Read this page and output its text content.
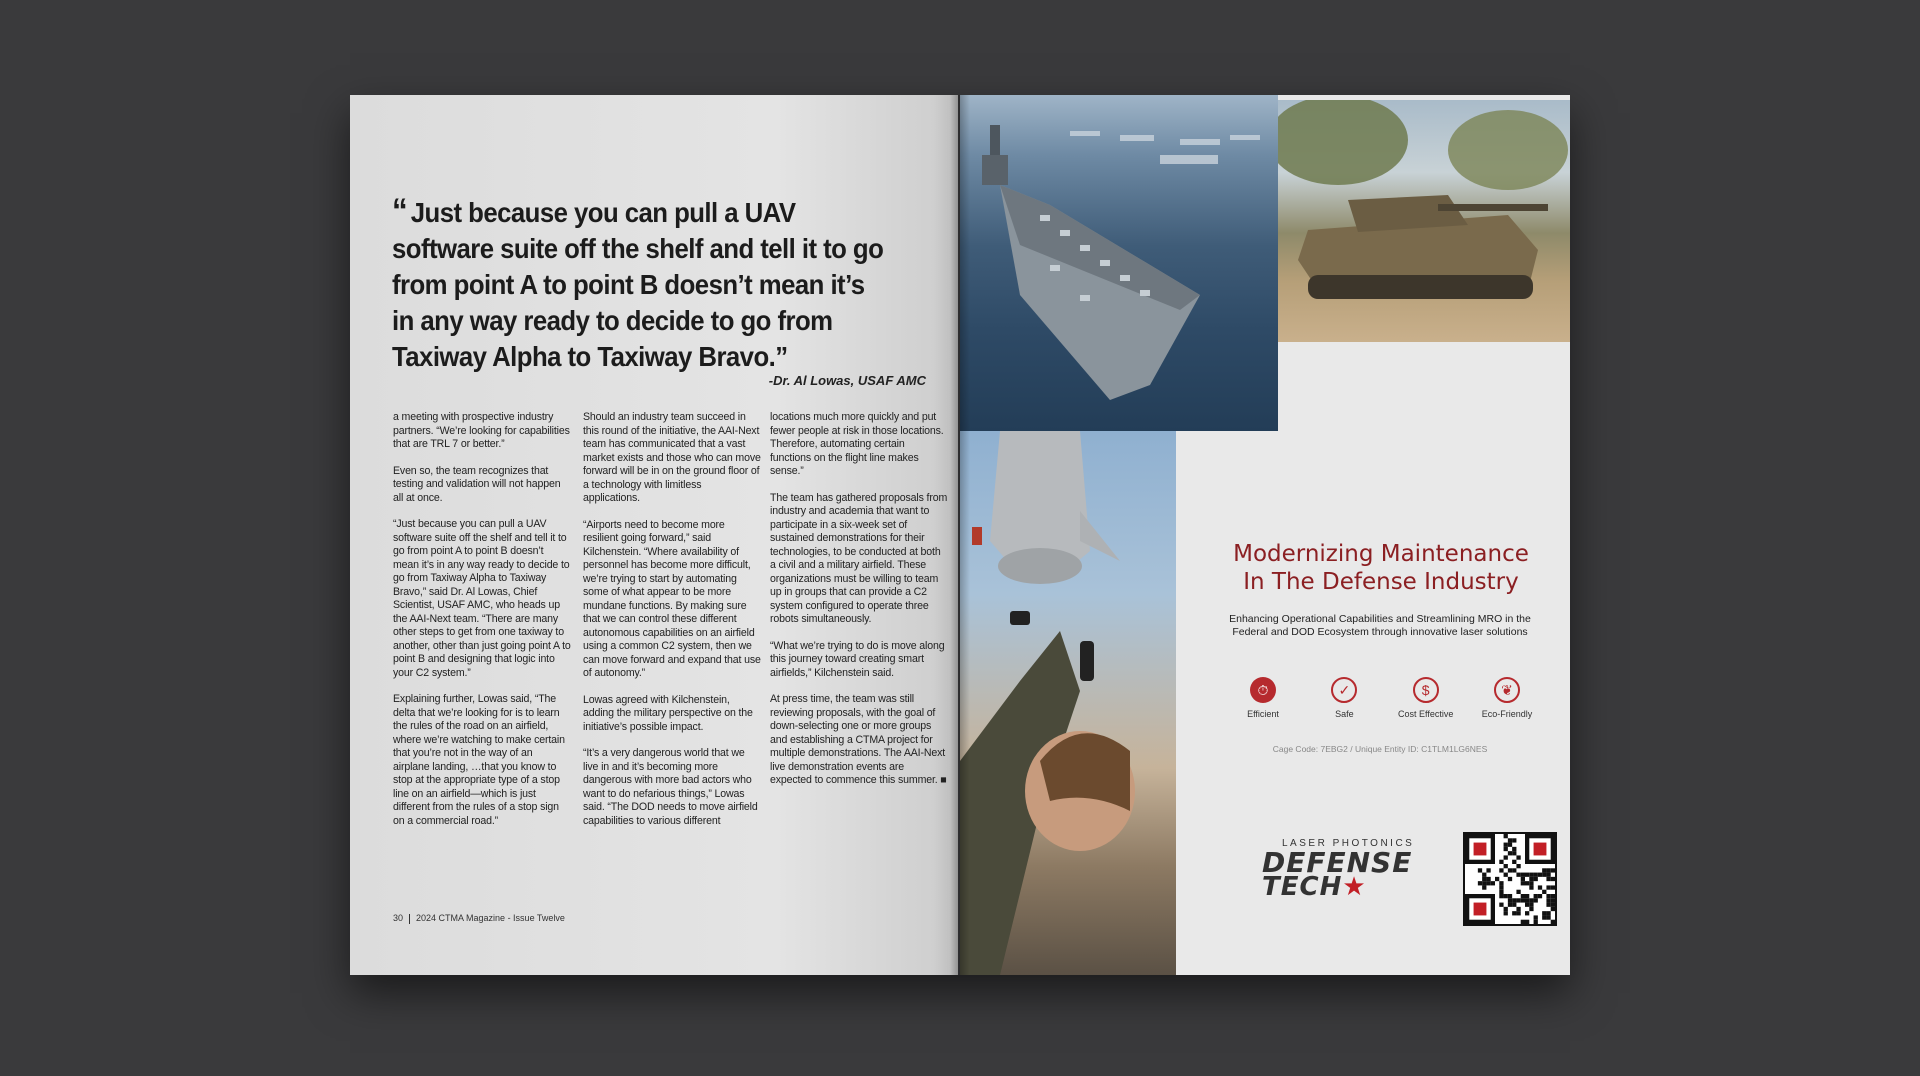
“ Just because you can pull a UAV software suite off the shelf and tell it to go from point A to point B doesn’t mean it’s in any way ready to decide to go from Taxiway Alpha to Taxiway Bravo.”
-Dr. Al Lowas, USAF AMC

a meeting with prospective industry partners. “We’re looking for capabilities that are TRL 7 or better.”

Even so, the team recognizes that testing and validation will not happen all at once.

“Just because you can pull a UAV software suite off the shelf and tell it to go from point A to point B doesn’t mean it’s in any way ready to decide to go from Taxiway Alpha to Taxiway Bravo,” said Dr. Al Lowas, Chief Scientist, USAF AMC, who heads up the AAI-Next team. “There are many other steps to get from one taxiway to another, other than just going point A to point B and designing that logic into your C2 system.”

Explaining further, Lowas said, “The delta that we’re looking for is to learn the rules of the road on an airfield, where we’re watching to make certain that you’re not in the way of an airplane landing, …that you know to stop at the appropriate type of a stop line on an airfield—which is just different from the rules of a stop sign on a commercial road.”

Should an industry team succeed in this round of the initiative, the AAI-Next team has communicated that a vast market exists and those who can move forward will be in on the ground floor of a technology with limitless applications.

“Airports need to become more resilient going forward,” said Kilchenstein. “Where availability of personnel has become more difficult, we’re trying to start by automating some of what appear to be more mundane functions. By making sure that we can control these different autonomous capabilities on an airfield using a common C2 system, then we can move forward and expand that use of autonomy.”

Lowas agreed with Kilchenstein, adding the military perspective on the initiative’s possible impact.

“It’s a very dangerous world that we live in and it’s becoming more dangerous with more bad actors who want to do nefarious things,” Lowas said. “The DOD needs to move airfield capabilities to various different

locations much more quickly and put fewer people at risk in those locations. Therefore, automating certain functions on the flight line makes sense.”

The team has gathered proposals from industry and academia that want to participate in a six-week set of sustained demonstrations for their technologies, to be conducted at both a civil and a military airfield. These organizations must be willing to team up in groups that can provide a C2 system configured to operate three robots simultaneously.

“What we’re trying to do is move along this journey toward creating smart airfields,” Kilchenstein said.

At press time, the team was still reviewing proposals, with the goal of down-selecting one or more groups and establishing a CTMA project for multiple demonstrations. The AAI-Next live demonstration events are expected to commence this summer. ■

30 2024 CTMA Magazine - Issue Twelve
Modernizing Maintenance
In The Defense Industry
Enhancing Operational Capabilities and Streamlining MRO in the Federal and DOD Ecosystem through innovative laser solutions
⏱
Efficient
✓
Safe
$
Cost Effective
❦
Eco-Friendly
Cage Code: 7EBG2 / Unique Entity ID: C1TLM1LG6NES
LASER PHOTONICS
DEFENSE
TECH★
